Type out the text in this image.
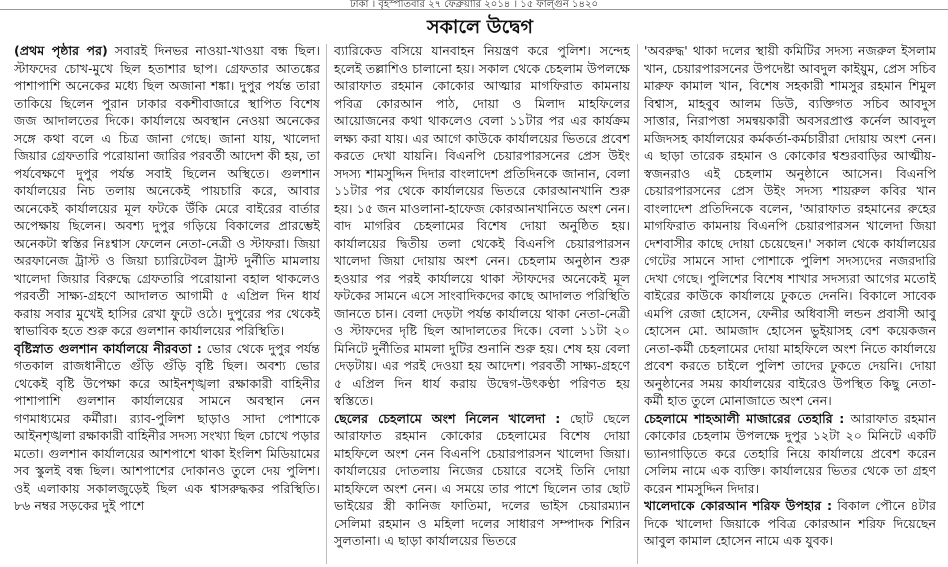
ঢাকা । বৃহস্পতিবার ২৭ ফেব্রুয়ারি ২০১৪ । ১৫ ফাল্গুন ১৪২০
সকালে উদ্বেগ

(প্রথম পৃষ্ঠার পর) সবারই দিনভর নাওয়া-খাওয়া বন্ধ ছিল। স্টাফদের চোখ-মুখে ছিল হতাশার ছাপ। গ্রেফতার আতঙ্কের পাশাপাশি অনেকের মধ্যে ছিল অজানা শঙ্কা। দুপুর পর্যন্ত তারা তাকিয়ে ছিলেন পুরান ঢাকার বকশীবাজারে স্থাপিত বিশেষ জজ আদালতের দিকে। কার্যালয়ে অবস্থান নেওয়া অনেকের সঙ্গে কথা বলে এ চিত্র জানা গেছে। জানা যায়, খালেদা জিয়ার গ্রেফতারি পরোয়ানা জারির পরবর্তী আদেশ কী হয়, তা পর্যবেক্ষণে দুপুর পর্যন্ত সবাই ছিলেন অস্থিতে। গুলশান কার্যালয়ের নিচ তলায় অনেকেই পায়চারি করে, আবার অনেকেই কার্যালয়ের মূল ফটকে উঁকি মেরে বাইরের বার্তার অপেক্ষায় ছিলেন। অবশ্য দুপুর গড়িয়ে বিকালের প্রারম্ভেই অনেকটা স্বস্তির নিঃশ্বাস ফেলেন নেতা-নেত্রী ও স্টাফরা। জিয়া অরফানেজ ট্রাস্ট ও জিয়া চ্যারিটেবল ট্রাস্ট দুর্নীতি মামলায় খালেদা জিয়ার বিরুদ্ধে গ্রেফতারি পরোয়ানা বহাল থাকলেও পরবর্তী সাক্ষ্য-গ্রহণে আদালত আগামী ৫ এপ্রিল দিন ধার্য করায় সবার মুখেই হাসির রেখা ফুটে ওঠে। দুপুরের পর থেকেই স্বাভাবিক হতে শুরু করে গুলশান কার্যালয়ের পরিস্থিতি।

বৃষ্টিস্নাত গুলশান কার্যালয়ে নীরবতা : ভোর থেকে দুপুর পর্যন্ত গতকাল রাজধানীতে গুঁড়ি গুঁড়ি বৃষ্টি ছিল। অবশ্য ভোর থেকেই বৃষ্টি উপেক্ষা করে আইনশৃঙ্খলা রক্ষাকারী বাহিনীর পাশাপাশি গুলশান কার্যালয়ের সামনে অবস্থান নেন গণমাধ্যমের কর্মীরা। র‌্যাব-পুলিশ ছাড়াও সাদা পোশাকে আইনশৃঙ্খলা রক্ষাকারী বাহিনীর সদস্য সংখ্যা ছিল চোখে পড়ার মতো। গুলশান কার্যালয়ের আশপাশে থাকা ইংলিশ মিডিয়ামের সব স্কুলই বন্ধ ছিল। আশপাশের দোকানও তুলে দেয় পুলিশ। ওই এলাকায় সকালজুড়েই ছিল এক শ্বাসরুদ্ধকর পরিস্থিতি। ৮৬ নম্বর সড়কের দুই পাশে

ব্যারিকেড বসিয়ে যানবাহন নিয়ন্ত্রণ করে পুলিশ। সন্দেহ হলেই তল্লাশিও চালানো হয়। সকাল থেকে চেহলাম উপলক্ষে আরাফাত রহমান কোকোর আত্মার মাগফিরাত কামনায় পবিত্র কোরআন পাঠ, দোয়া ও মিলাদ মাহফিলের আয়োজনের কথা থাকলেও বেলা ১১টার পর এর কার্যক্রম লক্ষ্য করা যায়। এর আগে কাউকে কার্যালয়ের ভিতরে প্রবেশ করতে দেখা যায়নি। বিএনপি চেয়ারপারসনের প্রেস উইং সদস্য শামসুদ্দিন দিদার বাংলাদেশ প্রতিদিনকে জানান, বেলা ১১টার পর থেকে কার্যালয়ের ভিতরে কোরআনখানি শুরু হয়। ১৫ জন মাওলানা-হাফেজ কোরআনখানিতে অংশ নেন। বাদ মাগরিব চেহলামের বিশেষ দোয়া অনুষ্ঠিত হয়। কার্যালয়ের দ্বিতীয় তলা থেকেই বিএনপি চেয়ারপারসন খালেদা জিয়া দোয়ায় অংশ নেন। চেহলাম অনুষ্ঠান শুরু হওয়ার পর পরই কার্যালয়ে থাকা স্টাফদের অনেকেই মূল ফটকের সামনে এসে সাংবাদিকদের কাছে আদালত পরিস্থিতি জানতে চান। বেলা দেড়টা পর্যন্ত কার্যালয়ে থাকা নেতা-নেত্রী ও স্টাফদের দৃষ্টি ছিল আদালতের দিকে। বেলা ১১টা ২০ মিনিটে দুর্নীতির মামলা দুটির শুনানি শুরু হয়। শেষ হয় বেলা দেড়টায়। এর পরই দেওয়া হয় আদেশ। পরবর্তী সাক্ষ্য-গ্রহণে ৫ এপ্রিল দিন ধার্য করায় উদ্বেগ-উৎকণ্ঠা পরিণত হয় স্বস্তিতে।

ছেলের চেহলামে অংশ নিলেন খালেদা : ছোট ছেলে আরাফাত রহমান কোকোর চেহলামের বিশেষ দোয়া মাহফিলে অংশ নেন বিএনপি চেয়ারপারসন খালেদা জিয়া। কার্যালয়ের দোতলায় নিজের চেয়ারে বসেই তিনি দোয়া মাহফিলে অংশ নেন। এ সময়ে তার পাশে ছিলেন তার ছোট ভাইয়ের স্ত্রী কানিজ ফাতিমা, দলের ভাইস চেয়ারম্যান সেলিমা রহমান ও মহিলা দলের সাধারণ সম্পাদক শিরিন সুলতানা। এ ছাড়া কার্যালয়ের ভিতরে

'অবরুদ্ধ' থাকা দলের স্থায়ী কমিটির সদস্য নজরুল ইসলাম খান, চেয়ারপারসনের উপদেষ্টা আবদুল কাইয়ুম, প্রেস সচিব মারুফ কামাল খান, বিশেষ সহকারী শামসুর রহমান শিমুল বিশ্বাস, মাহবুব আলম ডিউ, ব্যক্তিগত সচিব আবদুস সাত্তার, নিরাপত্তা সমন্বয়কারী অবসরপ্রাপ্ত কর্নেল আবদুল মজিদসহ কার্যালয়ের কর্মকর্তা-কর্মচারীরা দোয়ায় অংশ নেন। এ ছাড়া তারেক রহমান ও কোকোর শ্বশুরবাড়ির আত্মীয়-স্বজনরাও এই চেহলাম অনুষ্ঠানে আসেন। বিএনপি চেয়ারপারসনের প্রেস উইং সদস্য শায়রুল কবির খান বাংলাদেশ প্রতিদিনকে বলেন, 'আরাফাত রহমানের রুহের মাগফিরাত কামনায় বিএনপি চেয়ারপারসন খালেদা জিয়া দেশবাসীর কাছে দোয়া চেয়েছেন।' সকাল থেকে কার্যালয়ের গেটের সামনে সাদা পোশাকে পুলিশ সদস্যদের নজরদারি দেখা গেছে। পুলিশের বিশেষ শাখার সদস্যরা আগের মতোই বাইরের কাউকে কার্যালয়ে ঢুকতে দেননি। বিকালে সাবেক এমপি রেজা হোসেন, ফেনীর অধিবাসী লন্ডন প্রবাসী আবু হোসেন মো. আমজাদ হোসেন ভুইয়াসহ বেশ কয়েকজন নেতা-কর্মী চেহলামের দোয়া মাহফিলে অংশ নিতে কার্যালয়ে প্রবেশ করতে চাইলে পুলিশ তাদের ঢুকতে দেয়নি। দোয়া অনুষ্ঠানের সময় কার্যালয়ের বাইরেও উপস্থিত কিছু নেতা-কর্মী হাত তুলে মোনাজাতে অংশ নেন।

চেহলামে শাহআলী মাজারের তেহারি : আরাফাত রহমান কোকোর চেহলাম উপলক্ষে দুপুর ১২টা ২০ মিনিটে একটি ভ্যানগাড়িতে করে তেহারি নিয়ে কার্যালয়ে প্রবেশ করেন সেলিম নামে এক ব্যক্তি। কার্যালয়ের ভিতর থেকে তা গ্রহণ করেন শামসুদ্দিন দিদার।

খালেদাকে কোরআন শরিফ উপহার : বিকাল পৌনে ৪টার দিকে খালেদা জিয়াকে পবিত্র কোরআন শরিফ দিয়েছেন আবুল কামাল হোসেন নামে এক যুবক।
